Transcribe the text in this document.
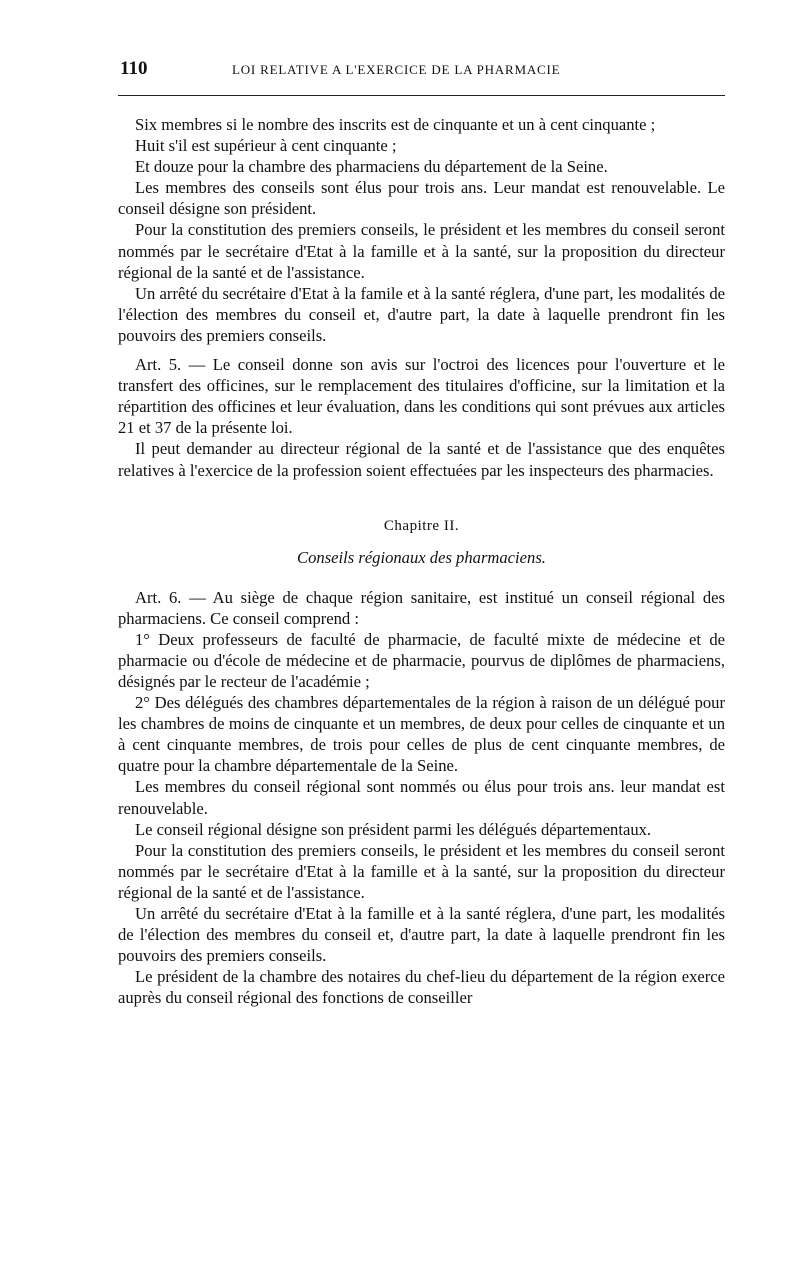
110	LOI RELATIVE A L'EXERCICE DE LA PHARMACIE

Six membres si le nombre des inscrits est de cinquante et un à cent cinquante ;

Huit s'il est supérieur à cent cinquante ;

Et douze pour la chambre des pharmaciens du département de la Seine.

Les membres des conseils sont élus pour trois ans. Leur mandat est renouvelable. Le conseil désigne son président.

Pour la constitution des premiers conseils, le président et les membres du conseil seront nommés par le secrétaire d'Etat à la famille et à la santé, sur la proposition du directeur régional de la santé et de l'assistance.

Un arrêté du secrétaire d'Etat à la famile et à la santé réglera, d'une part, les modalités de l'élection des membres du conseil et, d'autre part, la date à laquelle prendront fin les pouvoirs des premiers conseils.

Art. 5. — Le conseil donne son avis sur l'octroi des licences pour l'ouverture et le transfert des officines, sur le remplacement des titulaires d'officine, sur la limitation et la répartition des officines et leur évaluation, dans les conditions qui sont prévues aux articles 21 et 37 de la présente loi.

Il peut demander au directeur régional de la santé et de l'assistance que des enquêtes relatives à l'exercice de la profession soient effectuées par les inspecteurs des pharmacies.

Chapitre II.
Conseils régionaux des pharmaciens.

Art. 6. — Au siège de chaque région sanitaire, est institué un conseil régional des pharmaciens. Ce conseil comprend :

1° Deux professeurs de faculté de pharmacie, de faculté mixte de médecine et de pharmacie ou d'école de médecine et de pharmacie, pourvus de diplômes de pharmaciens, désignés par le recteur de l'académie ;

2° Des délégués des chambres départementales de la région à raison de un délégué pour les chambres de moins de cinquante et un membres, de deux pour celles de cinquante et un à cent cinquante membres, de trois pour celles de plus de cent cinquante membres, de quatre pour la chambre départementale de la Seine.

Les membres du conseil régional sont nommés ou élus pour trois ans. leur mandat est renouvelable.

Le conseil régional désigne son président parmi les délégués départementaux.

Pour la constitution des premiers conseils, le président et les membres du conseil seront nommés par le secrétaire d'Etat à la famille et à la santé, sur la proposition du directeur régional de la santé et de l'assistance.

Un arrêté du secrétaire d'Etat à la famille et à la santé réglera, d'une part, les modalités de l'élection des membres du conseil et, d'autre part, la date à laquelle prendront fin les pouvoirs des premiers conseils.

Le président de la chambre des notaires du chef-lieu du département de la région exerce auprès du conseil régional des fonctions de conseiller
